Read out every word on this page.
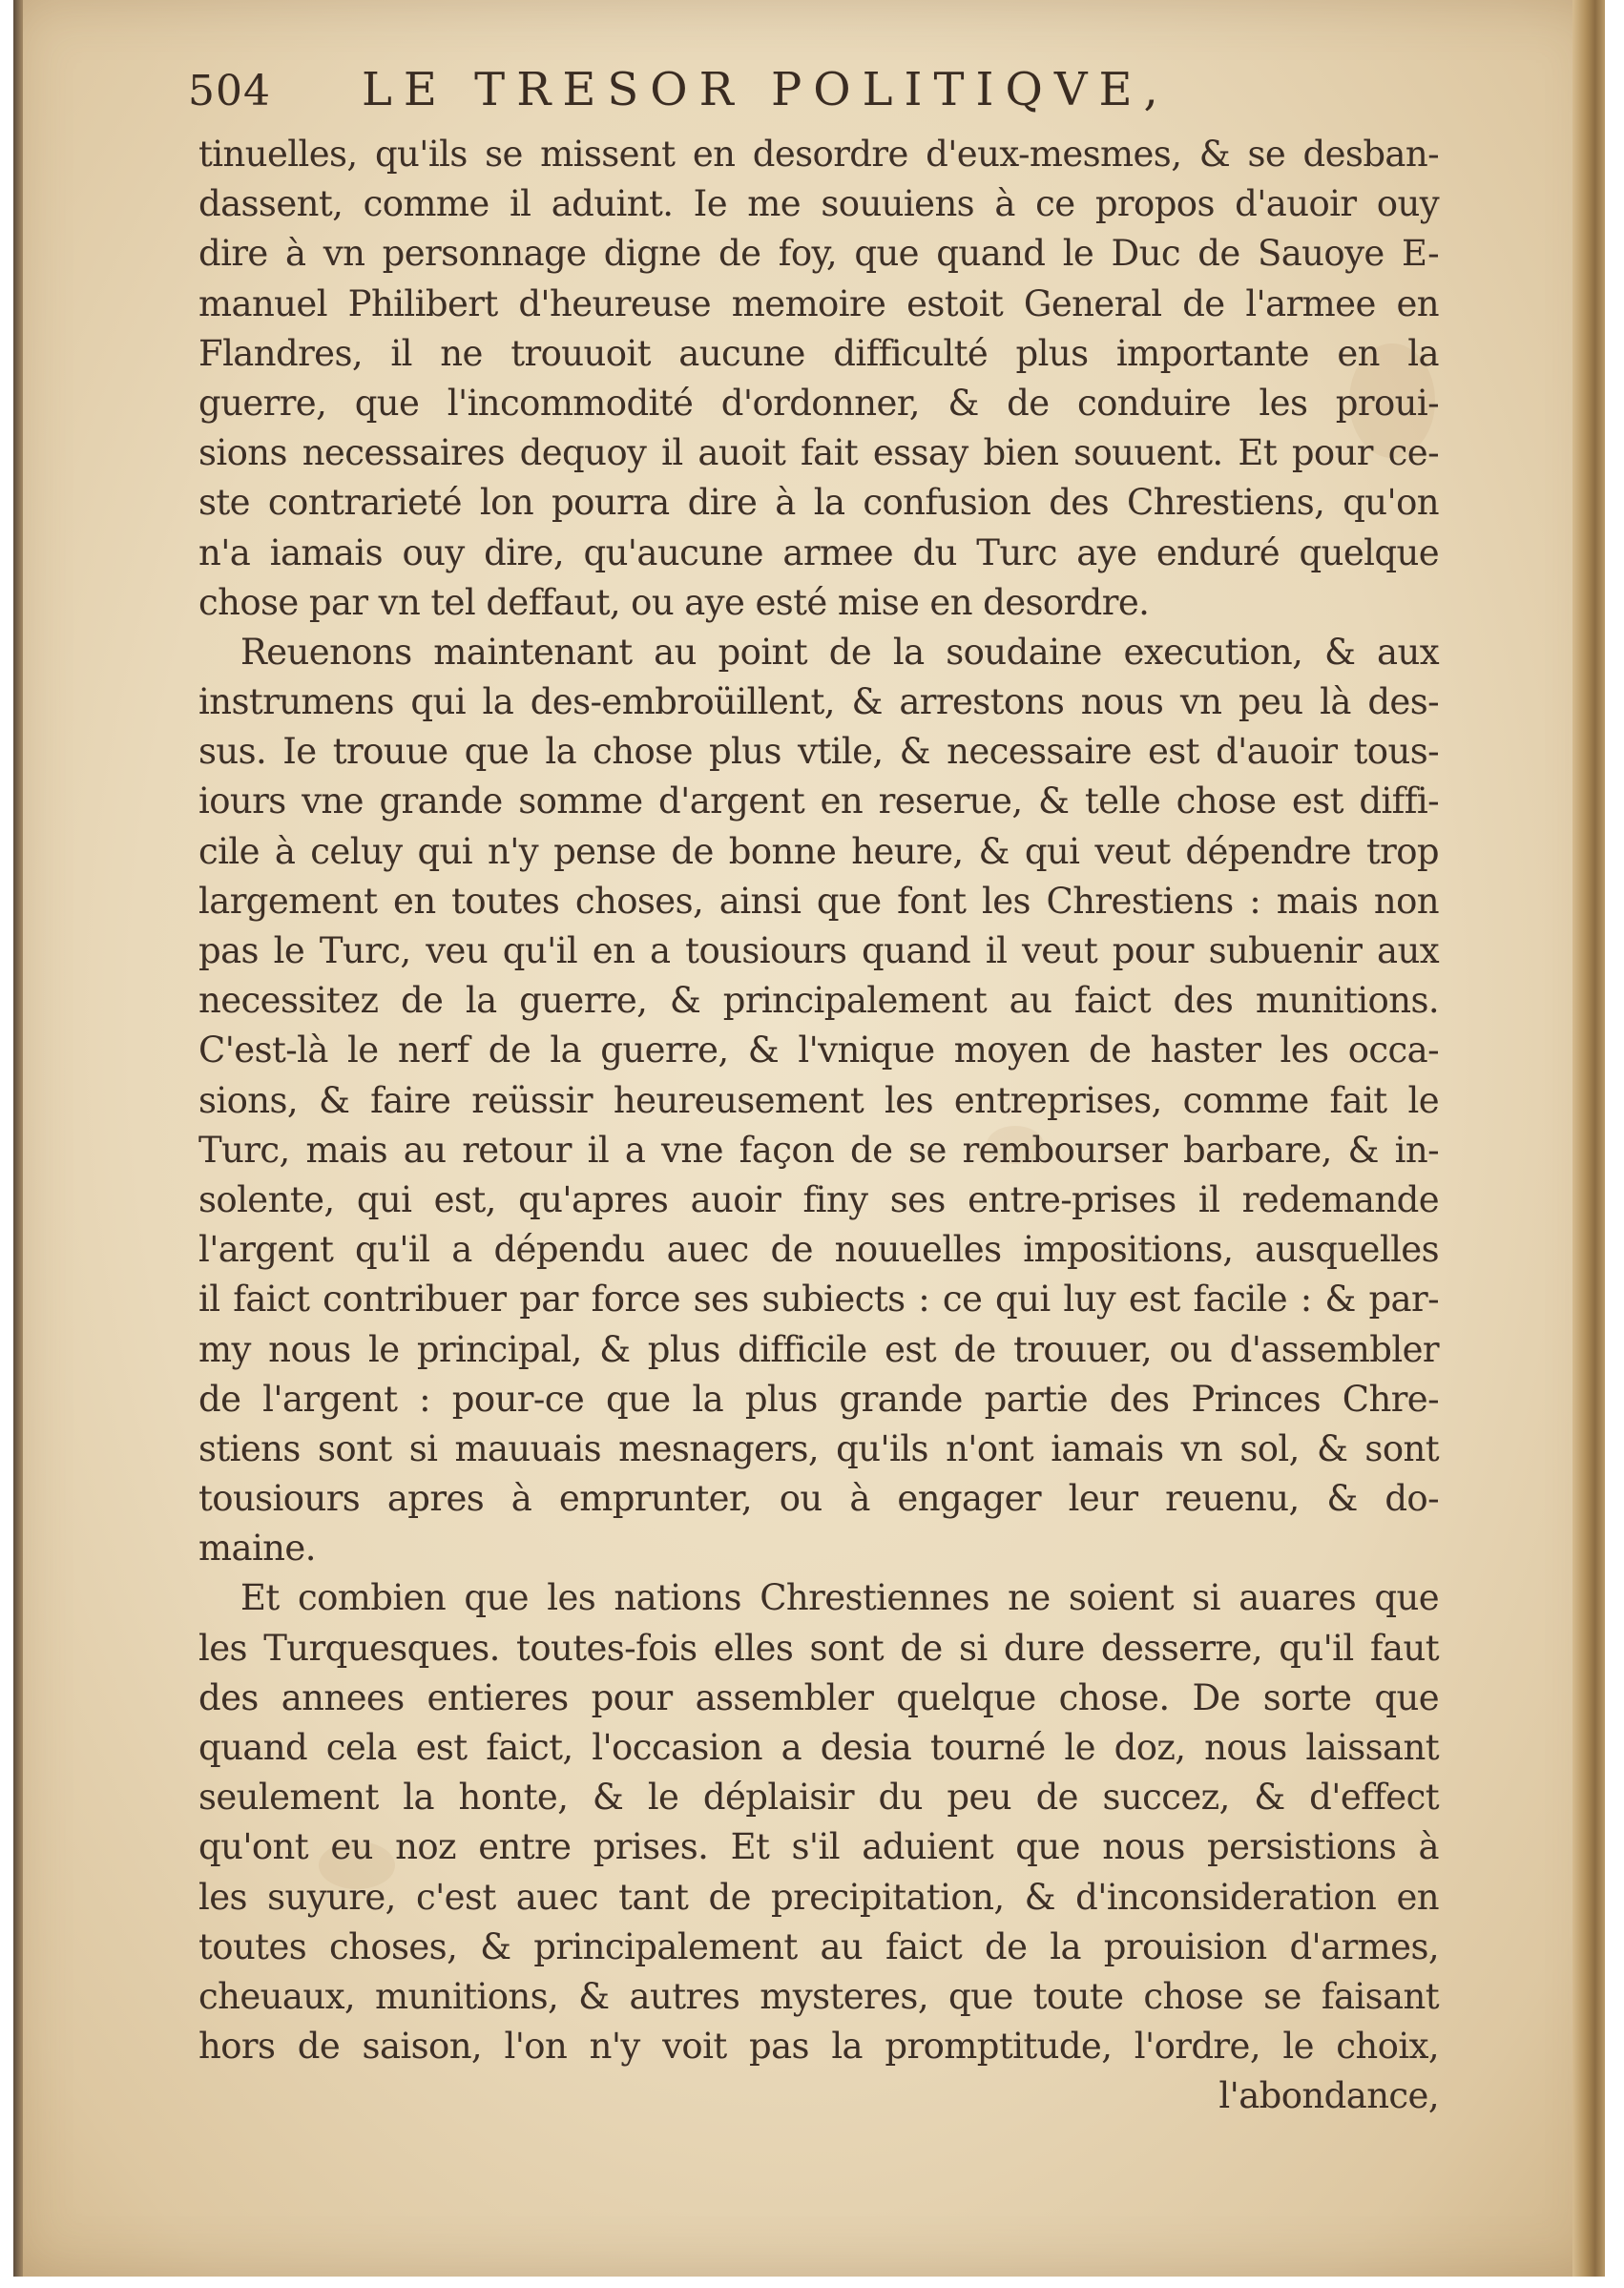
504 LE TRESOR POLITIQVE,
tinuelles, qu'ils se missent en desordre d'eux-mesmes, & se desban-
dassent, comme il aduint. Ie me souuiens à ce propos d'auoir ouy
dire à vn personnage digne de foy, que quand le Duc de Sauoye E-
manuel Philibert d'heureuse memoire estoit General de l'armee en
Flandres, il ne trouuoit aucune difficulté plus importante en la
guerre, que l'incommodité d'ordonner, & de conduire les proui-
sions necessaires dequoy il auoit fait essay bien souuent. Et pour ce-
ste contrarieté lon pourra dire à la confusion des Chrestiens, qu'on
n'a iamais ouy dire, qu'aucune armee du Turc aye enduré quelque
chose par vn tel deffaut, ou aye esté mise en desordre.
Reuenons maintenant au point de la soudaine execution, & aux
instrumens qui la des-embroüillent, & arrestons nous vn peu là des-
sus. Ie trouue que la chose plus vtile, & necessaire est d'auoir tous-
iours vne grande somme d'argent en reserue, & telle chose est diffi-
cile à celuy qui n'y pense de bonne heure, & qui veut dépendre trop
largement en toutes choses, ainsi que font les Chrestiens : mais non
pas le Turc, veu qu'il en a tousiours quand il veut pour subuenir aux
necessitez de la guerre, & principalement au faict des munitions.
C'est-là le nerf de la guerre, & l'vnique moyen de haster les occa-
sions, & faire reüssir heureusement les entreprises, comme fait le
Turc, mais au retour il a vne façon de se rembourser barbare, & in-
solente, qui est, qu'apres auoir finy ses entre-prises il redemande
l'argent qu'il a dépendu auec de nouuelles impositions, ausquelles
il faict contribuer par force ses subiects : ce qui luy est facile : & par-
my nous le principal, & plus difficile est de trouuer, ou d'assembler
de l'argent : pour-ce que la plus grande partie des Princes Chre-
stiens sont si mauuais mesnagers, qu'ils n'ont iamais vn sol, & sont
tousiours apres à emprunter, ou à engager leur reuenu, & do-
maine.
Et combien que les nations Chrestiennes ne soient si auares que
les Turquesques. toutes-fois elles sont de si dure desserre, qu'il faut
des annees entieres pour assembler quelque chose. De sorte que
quand cela est faict, l'occasion a desia tourné le doz, nous laissant
seulement la honte, & le déplaisir du peu de succez, & d'effect
qu'ont eu noz entre prises. Et s'il aduient que nous persistions à
les suyure, c'est auec tant de precipitation, & d'inconsideration en
toutes choses, & principalement au faict de la prouision d'armes,
cheuaux, munitions, & autres mysteres, que toute chose se faisant
hors de saison, l'on n'y voit pas la promptitude, l'ordre, le choix,
l'abondance,
